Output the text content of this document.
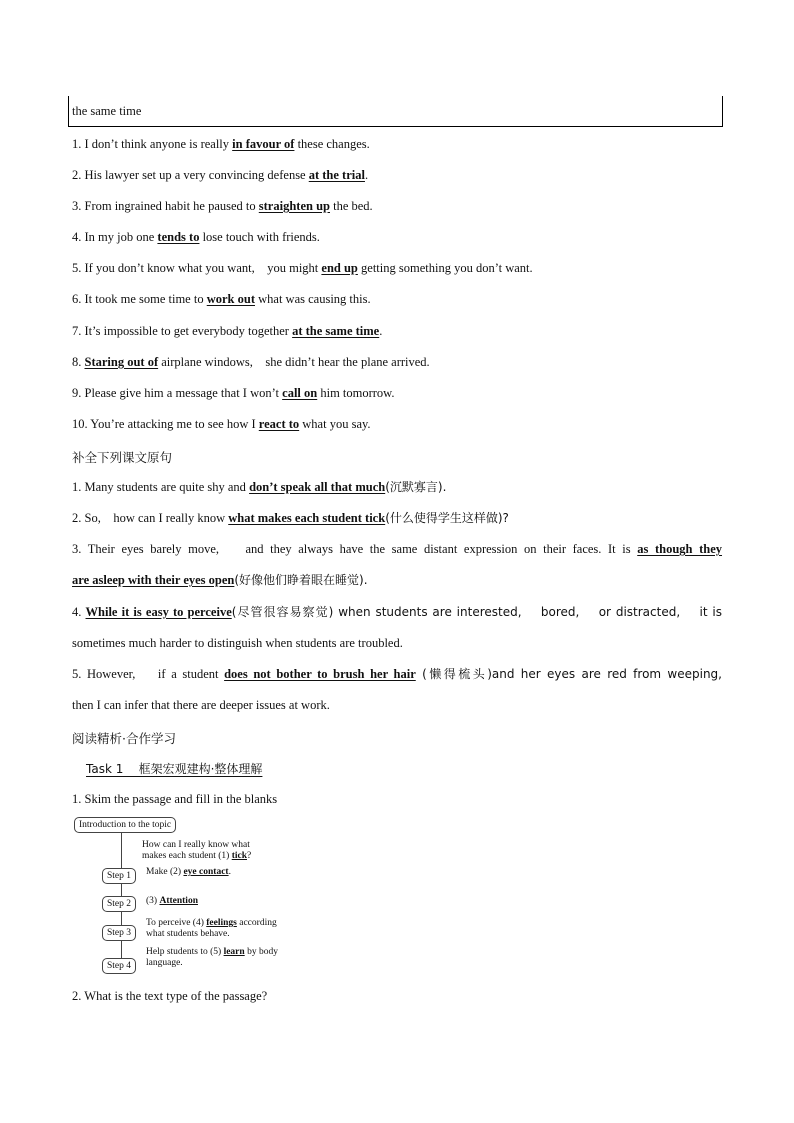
the same time
1. I don’t think anyone is really in favour of these changes.
2. His lawyer set up a very convincing defense at the trial.
3. From ingrained habit he paused to straighten up the bed.
4. In my job one tends to lose touch with friends.
5. If you don’t know what you want,    you might end up getting something you don’t want.
6. It took me some time to work out what was causing this.
7. It’s impossible to get everybody together at the same time.
8. Staring out of airplane windows,    she didn’t hear the plane arrived.
9. Please give him a message that I won’t call on him tomorrow.
10. You’re attacking me to see how I react to what you say.
补全下列课文原句
1. Many students are quite shy and don’t speak all that much(沉默寡言).
2. So,    how can I really know what makes each student tick(什么使得学生这样做)?
3. Their eyes barely move,    and they always have the same distant expression on their faces. It is as though they
are asleep with their eyes open(好像他们睁着眼在睡觉).
4. While it is easy to perceive(尽管很容易察觉) when students are interested,    bored,    or distracted,    it is
sometimes much harder to distinguish when students are troubled.
5. However,    if a student does not bother to brush her hair (懒得梳头)and her eyes are red from weeping,
then I can infer that there are deeper issues at work.
阅读精析·合作学习
Task 1    框架宏观建构·整体理解
1. Skim the passage and fill in the blanks
Introduction to the topic
How can I really know what
makes each student (1) tick?
Step 1	Make (2) eye contact.
Step 2	(3) Attention
Step 3
To perceive (4) feelings according
what students behave.
Step 4
Help students to (5) learn by body
language.
2. What is the text type of the passage?
